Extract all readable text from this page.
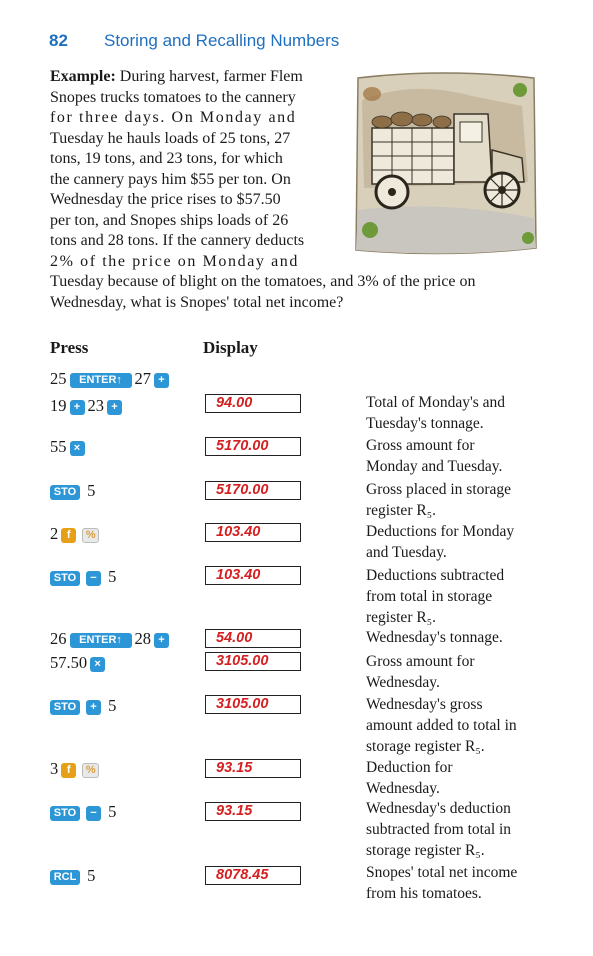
82 Storing and Recalling Numbers
Example: During harvest, farmer Flem
Snopes trucks tomatoes to the cannery
for three days. On Monday and
Tuesday he hauls loads of 25 tons, 27
tons, 19 tons, and 23 tons, for which
the cannery pays him $55 per ton. On
Wednesday the price rises to $57.50
per ton, and Snopes ships loads of 26
tons and 28 tons. If the cannery deducts
2% of the price on Monday and
Tuesday because of blight on the tomatoes, and 3% of the price on
Wednesday, what is Snopes' total net income?
Press	Display
25 ENTER↑ 27 +
19 + 23 +
55 ×
STO 5
2 f %
STO − 5
26 ENTER↑ 28 +
57.50 ×
STO + 5
3 f %
STO − 5
RCL 5
94.00
5170.00
5170.00
103.40
103.40
54.00
3105.00
3105.00
93.15
93.15
8078.45
Total of Monday's and
Tuesday's tonnage.
Gross amount for
Monday and Tuesday.
Gross placed in storage
register R₅.
Deductions for Monday
and Tuesday.
Deductions subtracted
from total in storage
register R₅.
Wednesday's tonnage.
Gross amount for
Wednesday.
Wednesday's gross
amount added to total in
storage register R₅.
Deduction for
Wednesday.
Wednesday's deduction
subtracted from total in
storage register R₅.
Snopes' total net income
from his tomatoes.
